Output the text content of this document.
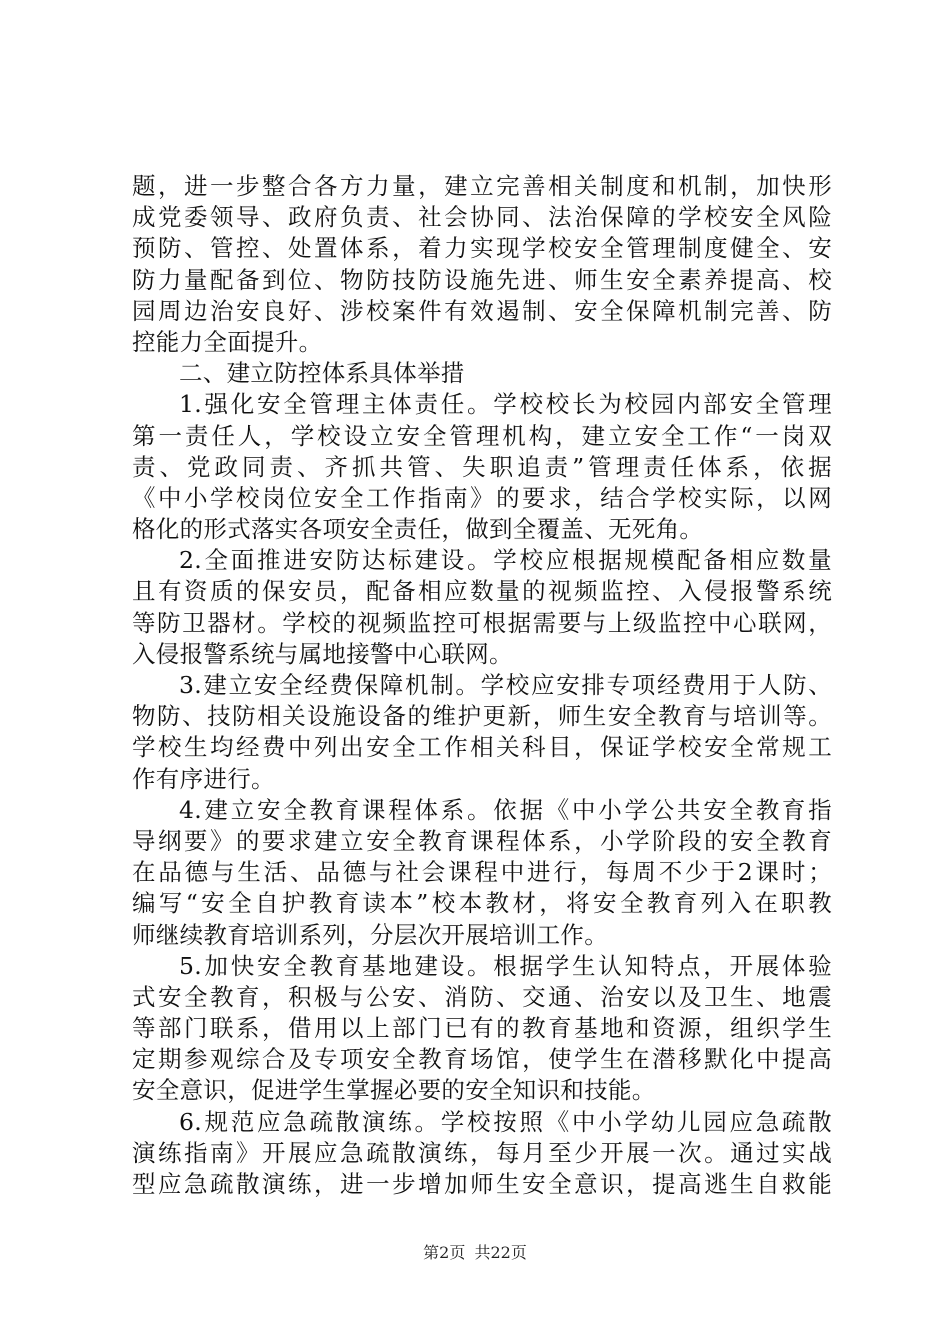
题，进一步整合各方力量，建立完善相关制度和机制，加快形
成党委领导、政府负责、社会协同、法治保障的学校安全风险
预防、管控、处置体系，着力实现学校安全管理制度健全、安
防力量配备到位、物防技防设施先进、师生安全素养提高、校
园周边治安良好、涉校案件有效遏制、安全保障机制完善、防
控能力全面提升。
二、建立防控体系具体举措
1.强化安全管理主体责任。学校校长为校园内部安全管理
第一责任人，学校设立安全管理机构，建立安全工作“一岗双
责、党政同责、齐抓共管、失职追责”管理责任体系，依据
《中小学校岗位安全工作指南》的要求，结合学校实际，以网
格化的形式落实各项安全责任，做到全覆盖、无死角。
2.全面推进安防达标建设。学校应根据规模配备相应数量
且有资质的保安员，配备相应数量的视频监控、入侵报警系统
等防卫器材。学校的视频监控可根据需要与上级监控中心联网，
入侵报警系统与属地接警中心联网。
3.建立安全经费保障机制。学校应安排专项经费用于人防、
物防、技防相关设施设备的维护更新，师生安全教育与培训等。
学校生均经费中列出安全工作相关科目，保证学校安全常规工
作有序进行。
4.建立安全教育课程体系。依据《中小学公共安全教育指
导纲要》的要求建立安全教育课程体系，小学阶段的安全教育
在品德与生活、品德与社会课程中进行，每周不少于2课时；
编写“安全自护教育读本”校本教材，将安全教育列入在职教
师继续教育培训系列，分层次开展培训工作。
5.加快安全教育基地建设。根据学生认知特点，开展体验
式安全教育，积极与公安、消防、交通、治安以及卫生、地震
等部门联系，借用以上部门已有的教育基地和资源，组织学生
定期参观综合及专项安全教育场馆，使学生在潜移默化中提高
安全意识，促进学生掌握必要的安全知识和技能。
6.规范应急疏散演练。学校按照《中小学幼儿园应急疏散
演练指南》开展应急疏散演练，每月至少开展一次。通过实战
型应急疏散演练，进一步增加师生安全意识，提高逃生自救能
第2页 共22页
